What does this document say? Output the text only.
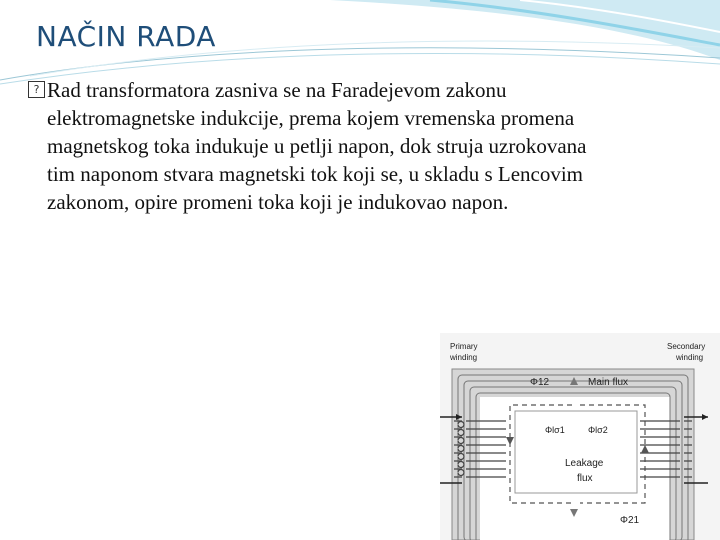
NAČIN RADA
? Rad transformatora zasniva se na Faradejevom zakonu elektromagnetske indukcije, prema kojem vremenska promena magnetskog toka indukuje u petlji napon, dok struja uzrokovana tim naponom stvara magnetski tok koji se, u skladu s Lencovim zakonom, opire promeni toka koji je indukovao napon.

Primary
winding
Secondary
winding
Φ12	Main flux
Φlσ1	Φlσ2
Leakage
flux
Φ21
